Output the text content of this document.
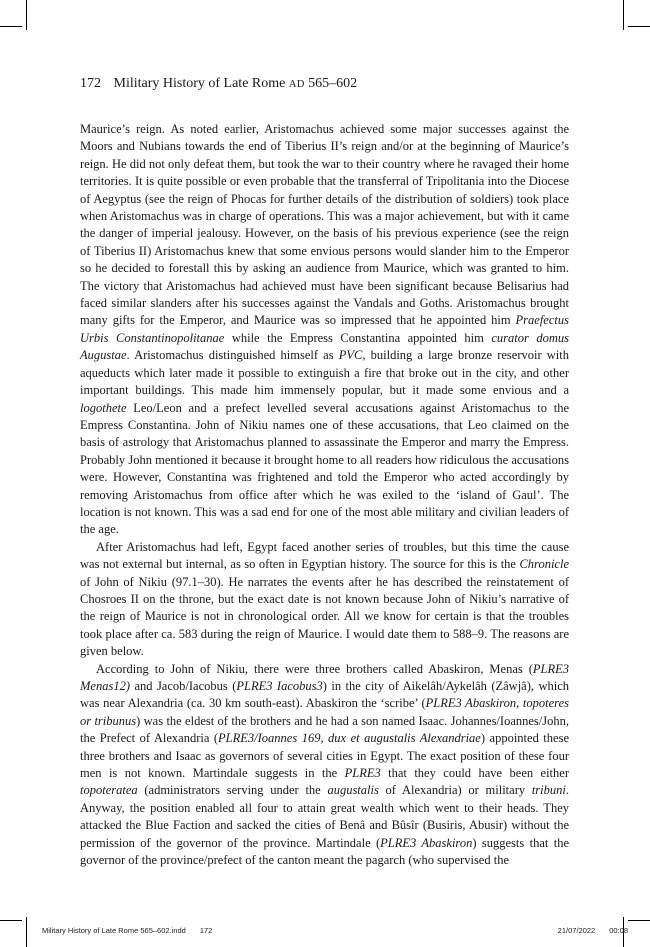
172 Military History of Late Rome AD 565–602

Maurice’s reign. As noted earlier, Aristomachus achieved some major successes against the Moors and Nubians towards the end of Tiberius II’s reign and/or at the beginning of Maurice’s reign. He did not only defeat them, but took the war to their country where he ravaged their home territories. It is quite possible or even probable that the transferral of Tripolitania into the Diocese of Aegyptus (see the reign of Phocas for further details of the distribution of soldiers) took place when Aristomachus was in charge of operations. This was a major achievement, but with it came the danger of imperial jealousy. However, on the basis of his previous experience (see the reign of Tiberius II) Aristomachus knew that some envious persons would slander him to the Emperor so he decided to forestall this by asking an audience from Maurice, which was granted to him. The victory that Aristomachus had achieved must have been significant because Belisarius had faced similar slanders after his successes against the Vandals and Goths. Aristomachus brought many gifts for the Emperor, and Maurice was so impressed that he appointed him Praefectus Urbis Constantinopolitanae while the Empress Constantina appointed him curator domus Augustae. Aristomachus distinguished himself as PVC, building a large bronze reservoir with aqueducts which later made it possible to extinguish a fire that broke out in the city, and other important buildings. This made him immensely popular, but it made some envious and a logothete Leo/Leon and a prefect levelled several accusations against Aristomachus to the Empress Constantina. John of Nikiu names one of these accusations, that Leo claimed on the basis of astrology that Aristomachus planned to assassinate the Emperor and marry the Empress. Probably John mentioned it because it brought home to all readers how ridiculous the accusations were. However, Constantina was frightened and told the Emperor who acted accordingly by removing Aristomachus from office after which he was exiled to the ‘island of Gaul’. The location is not known. This was a sad end for one of the most able military and civilian leaders of the age.

After Aristomachus had left, Egypt faced another series of troubles, but this time the cause was not external but internal, as so often in Egyptian history. The source for this is the Chronicle of John of Nikiu (97.1–30). He narrates the events after he has described the reinstatement of Chosroes II on the throne, but the exact date is not known because John of Nikiu’s narrative of the reign of Maurice is not in chronological order. All we know for certain is that the troubles took place after ca. 583 during the reign of Maurice. I would date them to 588–9. The reasons are given below.

According to John of Nikiu, there were three brothers called Abaskiron, Menas (PLRE3 Menas12) and Jacob/Iacobus (PLRE3 Iacobus3) in the city of Aikelâh/Aykelâh (Zâwjâ), which was near Alexandria (ca. 30 km south-east). Abaskiron the ‘scribe’ (PLRE3 Abaskiron, topoteres or tribunus) was the eldest of the brothers and he had a son named Isaac. Johannes/Ioannes/John, the Prefect of Alexandria (PLRE3/Ioannes 169, dux et augustalis Alexandriae) appointed these three brothers and Isaac as governors of several cities in Egypt. The exact position of these four men is not known. Martindale suggests in the PLRE3 that they could have been either topoteratea (administrators serving under the augustalis of Alexandria) or military tribuni. Anyway, the position enabled all four to attain great wealth which went to their heads. They attacked the Blue Faction and sacked the cities of Benâ and Bûsîr (Busiris, Abusir) without the permission of the governor of the province. Martindale (PLRE3 Abaskiron) suggests that the governor of the province/prefect of the canton meant the pagarch (who supervised the

Military History of Late Rome 565–602.indd 172	21/07/2022 00:08
